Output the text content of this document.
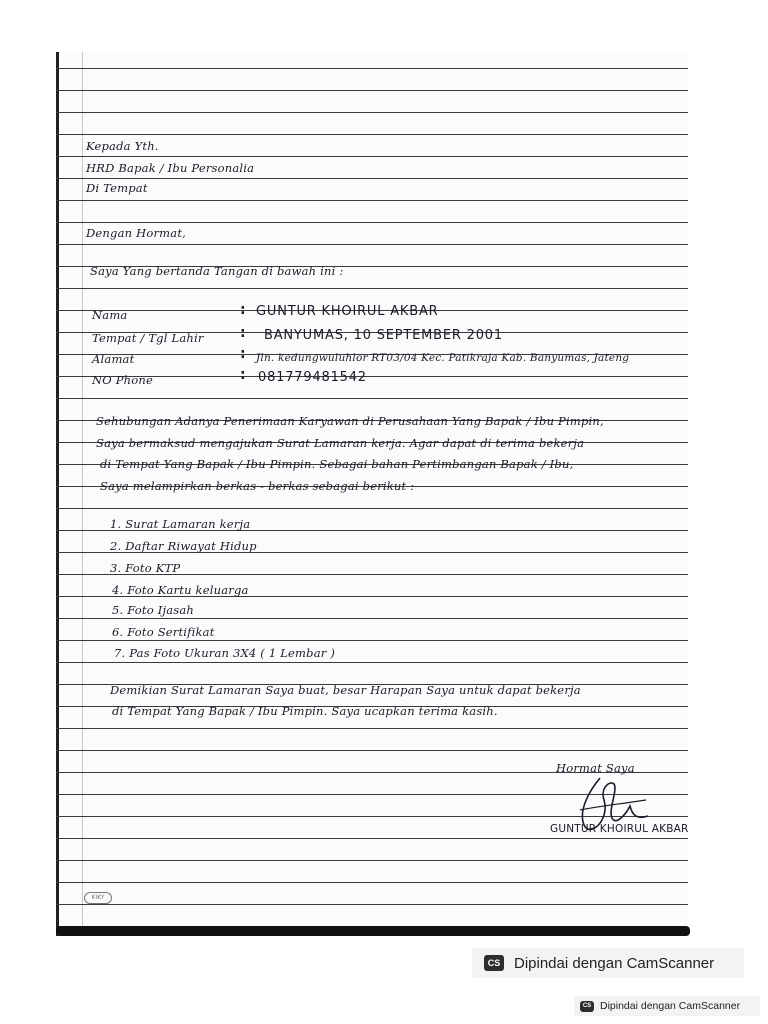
Kepada Yth.
HRD Bapak / Ibu Personalia
Di Tempat
Dengan Hormat,
Saya Yang bertanda Tangan di bawah ini :
Nama	: GUNTUR KHOIRUL AKBAR
Tempat / Tgl Lahir	: BANYUMAS, 10 SEPTEMBER 2001
Alamat	: Jln. kedungwuluhlor RT03/04 Kec. Patikraja Kab. Banyumas, Jateng
NO Phone	: 081779481542
Sehubungan Adanya Penerimaan Karyawan di Perusahaan Yang Bapak / Ibu Pimpin,
Saya bermaksud mengajukan Surat Lamaran kerja. Agar dapat di terima bekerja
di Tempat Yang Bapak / Ibu Pimpin. Sebagai bahan Pertimbangan Bapak / Ibu,
Saya melampirkan berkas - berkas sebagai berikut :
1. Surat Lamaran kerja
2. Daftar Riwayat Hidup
3. Foto KTP
4. Foto Kartu keluarga
5. Foto Ijasah
6. Foto Sertifikat
7. Pas Foto Ukuran 3X4 ( 1 Lembar )
Demikian Surat Lamaran Saya buat, besar Harapan Saya untuk dapat bekerja
di Tempat Yang Bapak / Ibu Pimpin. Saya ucapkan terima kasih.
Hormat Saya
GUNTUR KHOIRUL AKBAR
KIKY
CS Dipindai dengan CamScanner
CS Dipindai dengan CamScanner
